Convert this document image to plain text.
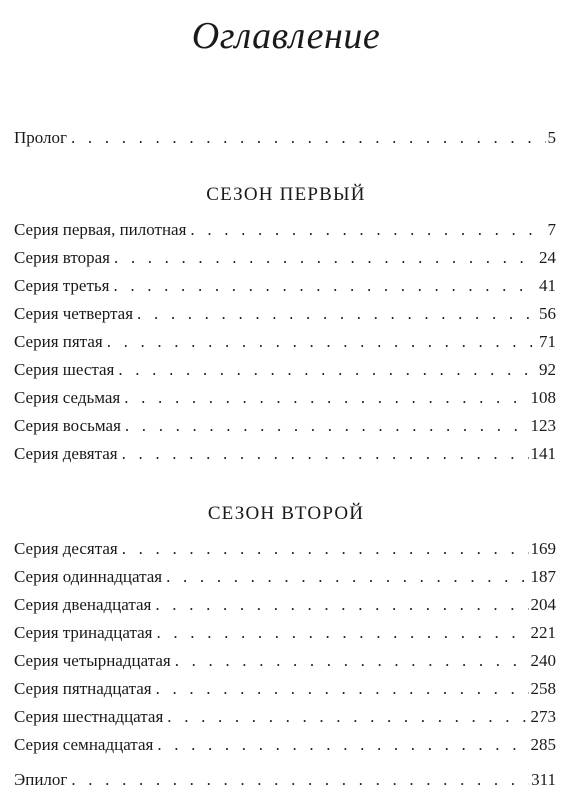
Оглавление
Пролог . . .	5
СЕЗОН ПЕРВЫЙ
Серия первая, пилотная . . .	7
Серия вторая . . .	24
Серия третья . . .	41
Серия четвертая . . .	56
Серия пятая . . .	71
Серия шестая . . .	92
Серия седьмая . . .	108
Серия восьмая . . .	123
Серия девятая . . .	141
СЕЗОН ВТОРОЙ
Серия десятая . . .	169
Серия одиннадцатая . . .	187
Серия двенадцатая . . .	204
Серия тринадцатая . . .	221
Серия четырнадцатая . . .	240
Серия пятнадцатая . . .	258
Серия шестнадцатая . . .	273
Серия семнадцатая . . .	285
Эпилог . . .	311
